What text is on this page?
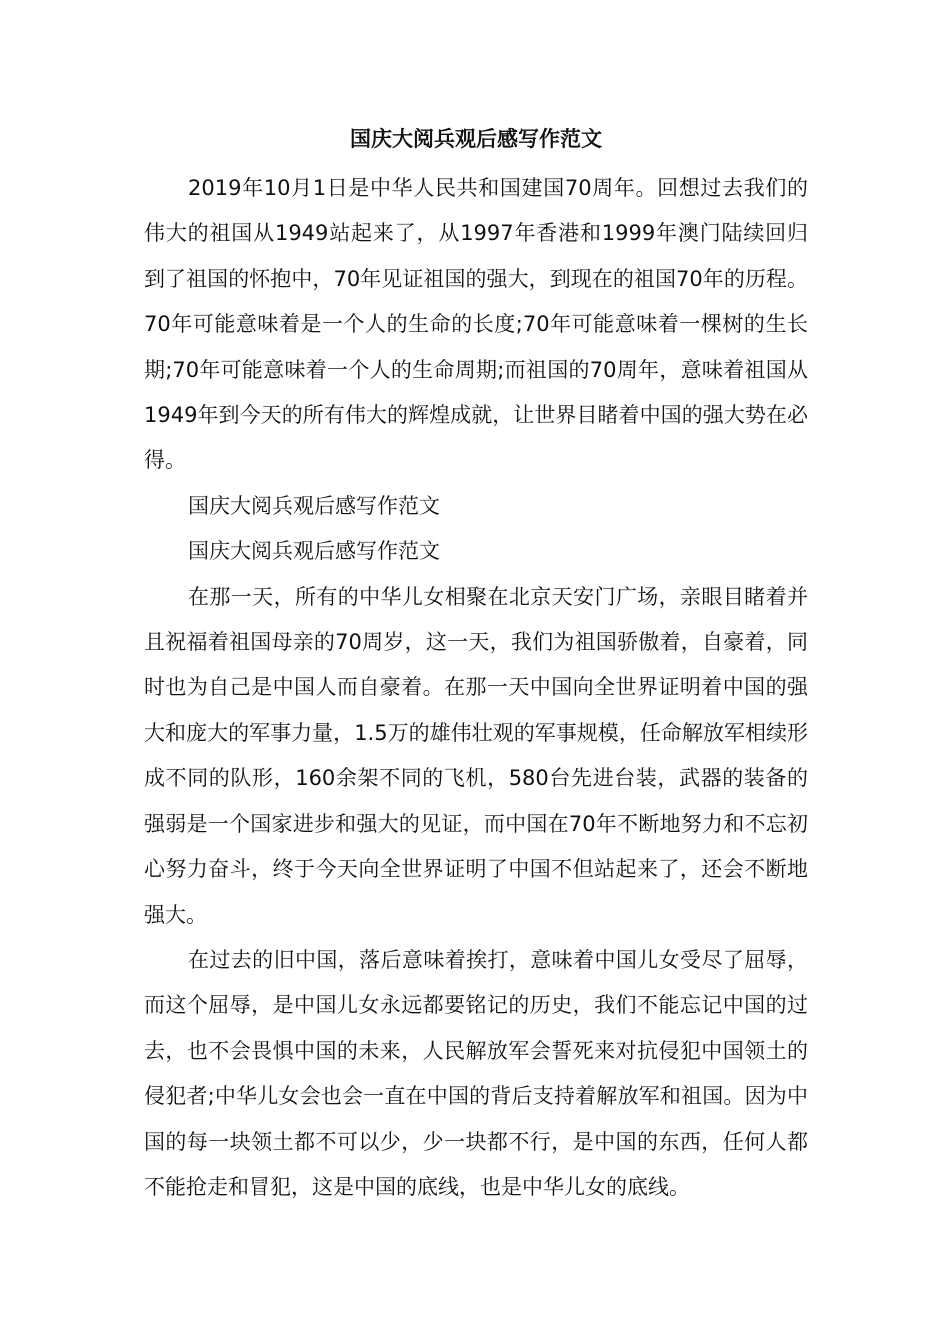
国庆大阅兵观后感写作范文

2019年10月1日是中华人民共和国建国70周年。回想过去我们的伟大的祖国从1949站起来了，从1997年香港和1999年澳门陆续回归到了祖国的怀抱中，70年见证祖国的强大，到现在的祖国70年的历程。70年可能意味着是一个人的生命的长度;70年可能意味着一棵树的生长期;70年可能意味着一个人的生命周期;而祖国的70周年，意味着祖国从1949年到今天的所有伟大的辉煌成就，让世界目睹着中国的强大势在必得。

国庆大阅兵观后感写作范文

国庆大阅兵观后感写作范文

在那一天，所有的中华儿女相聚在北京天安门广场，亲眼目睹着并且祝福着祖国母亲的70周岁，这一天，我们为祖国骄傲着，自豪着，同时也为自己是中国人而自豪着。在那一天中国向全世界证明着中国的强大和庞大的军事力量，1.5万的雄伟壮观的军事规模，任命解放军相续形成不同的队形，160余架不同的飞机，580台先进台装，武器的装备的强弱是一个国家进步和强大的见证，而中国在70年不断地努力和不忘初心努力奋斗，终于今天向全世界证明了中国不但站起来了，还会不断地强大。

在过去的旧中国，落后意味着挨打，意味着中国儿女受尽了屈辱，而这个屈辱，是中国儿女永远都要铭记的历史，我们不能忘记中国的过去，也不会畏惧中国的未来，人民解放军会誓死来对抗侵犯中国领土的侵犯者;中华儿女会也会一直在中国的背后支持着解放军和祖国。因为中国的每一块领土都不可以少，少一块都不行，是中国的东西，任何人都不能抢走和冒犯，这是中国的底线，也是中华儿女的底线。
